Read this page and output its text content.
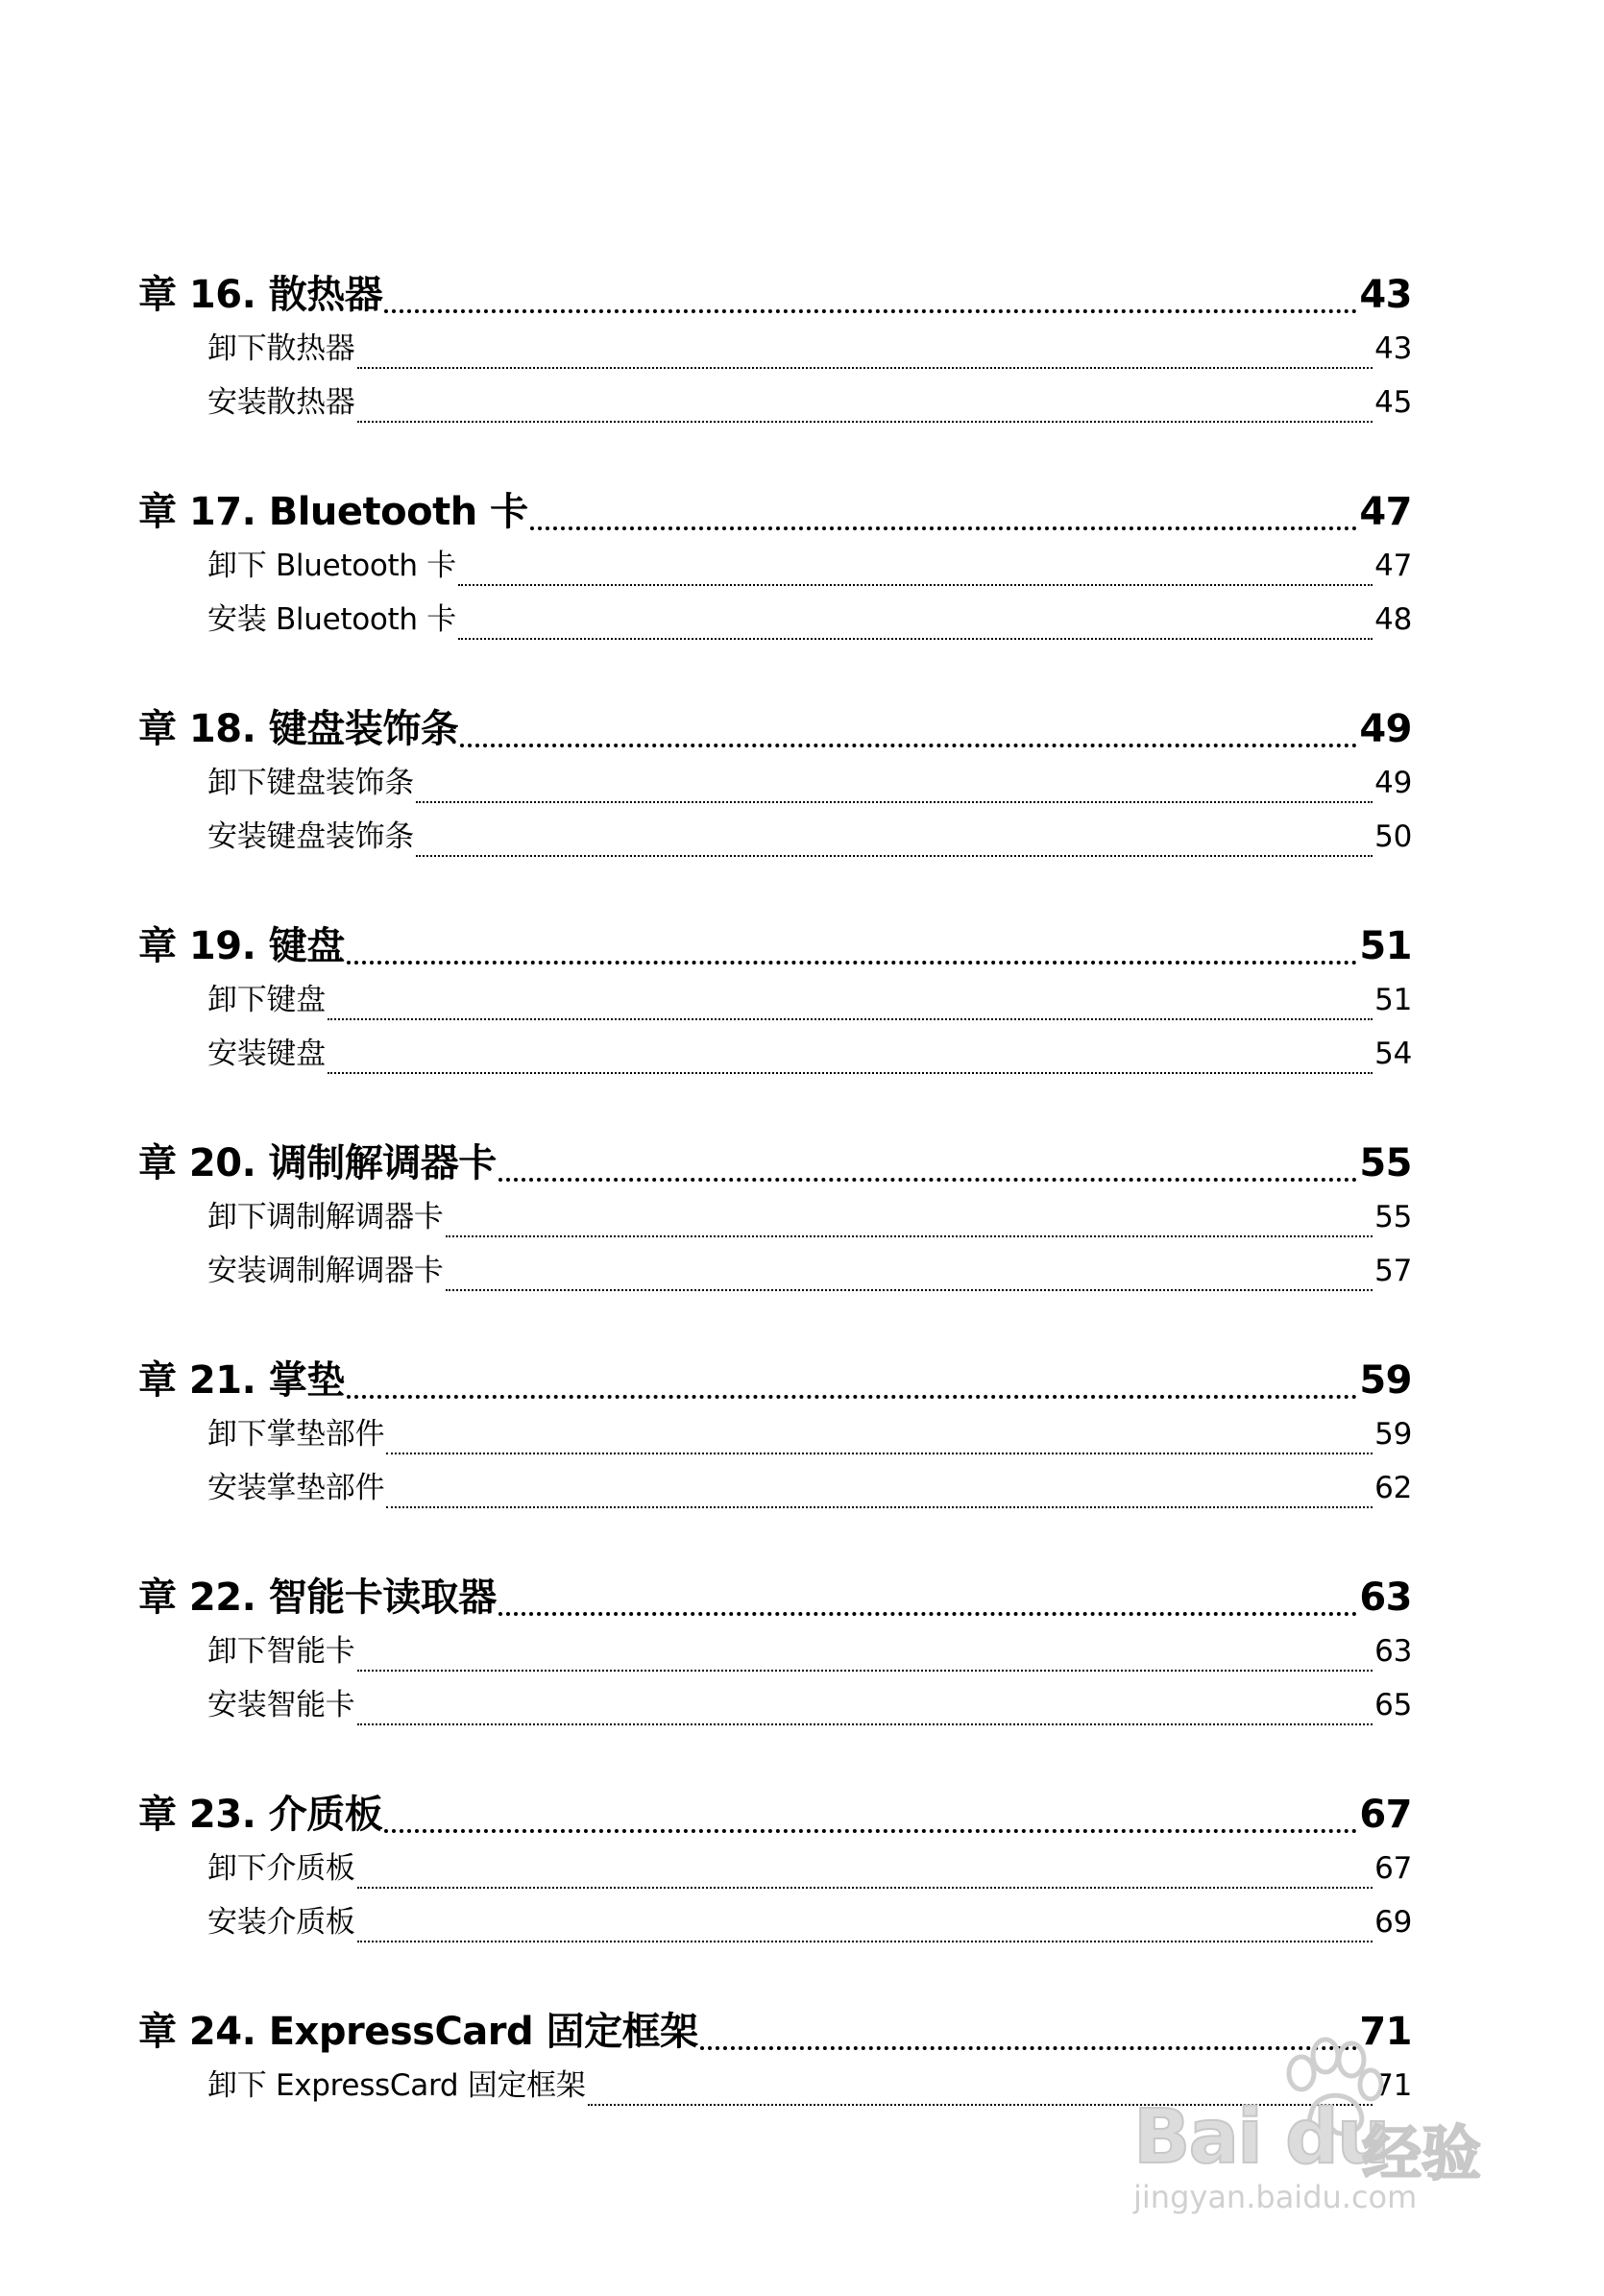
章 16. 散热器	43
卸下散热器	43
安装散热器	45
章 17. Bluetooth 卡	47
卸下 Bluetooth 卡	47
安装 Bluetooth 卡	48
章 18. 键盘装饰条	49
卸下键盘装饰条	49
安装键盘装饰条	50
章 19. 键盘	51
卸下键盘	51
安装键盘	54
章 20. 调制解调器卡	55
卸下调制解调器卡	55
安装调制解调器卡	57
章 21. 掌垫	59
卸下掌垫部件	59
安装掌垫部件	62
章 22. 智能卡读取器	63
卸下智能卡	63
安装智能卡	65
章 23. 介质板	67
卸下介质板	67
安装介质板	69
章 24. ExpressCard 固定框架	71
卸下 ExpressCard 固定框架	71
Bai du
经验
jingyan.baidu.com
